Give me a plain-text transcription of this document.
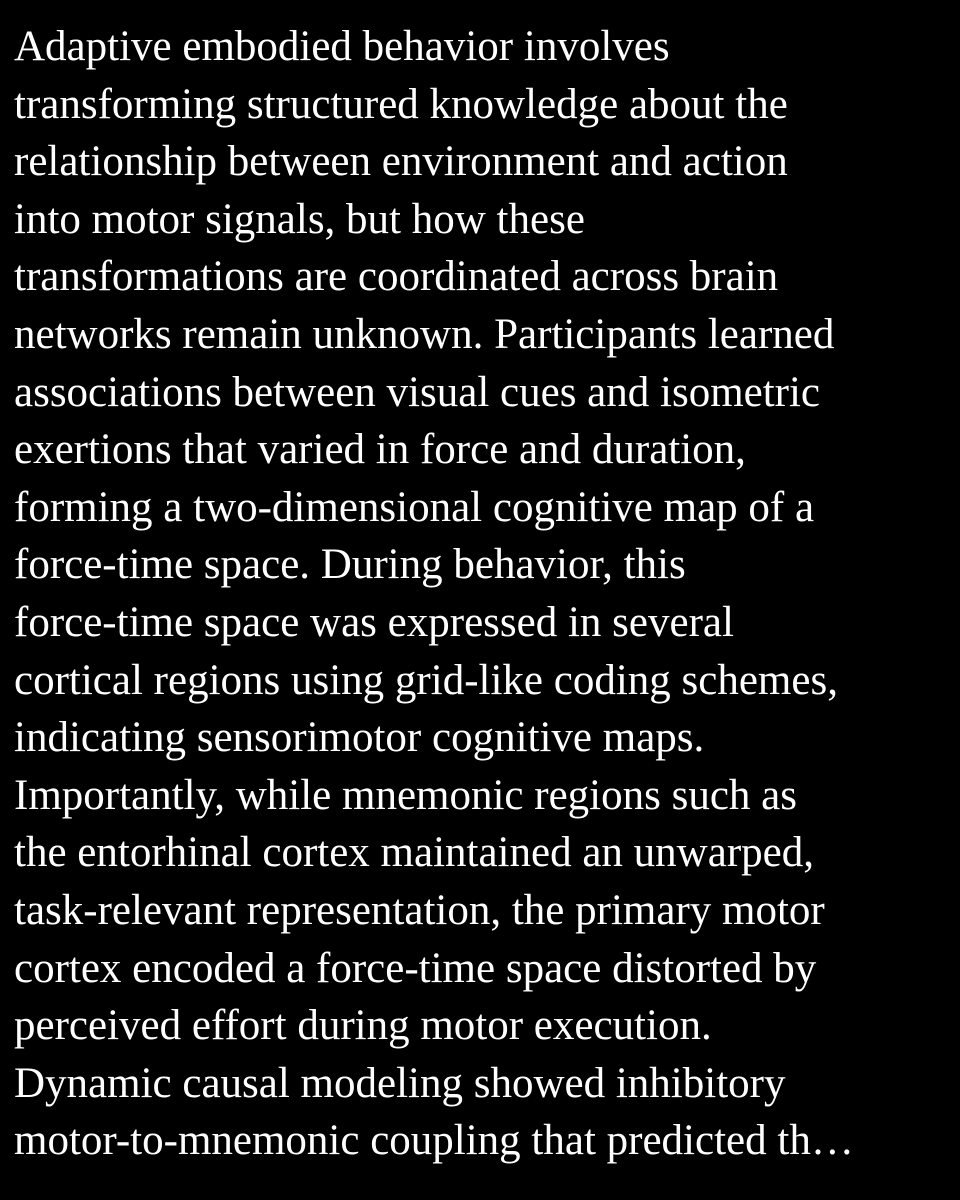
Adaptive embodied behavior involves
transforming structured knowledge about the
relationship between environment and action
into motor signals, but how these
transformations are coordinated across brain
networks remain unknown. Participants learned
associations between visual cues and isometric
exertions that varied in force and duration,
forming a two-dimensional cognitive map of a
force-time space. During behavior, this
force-time space was expressed in several
cortical regions using grid-like coding schemes,
indicating sensorimotor cognitive maps.
Importantly, while mnemonic regions such as
the entorhinal cortex maintained an unwarped,
task-relevant representation, the primary motor
cortex encoded a force-time space distorted by
perceived effort during motor execution.
Dynamic causal modeling showed inhibitory
motor-to-mnemonic coupling that predicted th…
